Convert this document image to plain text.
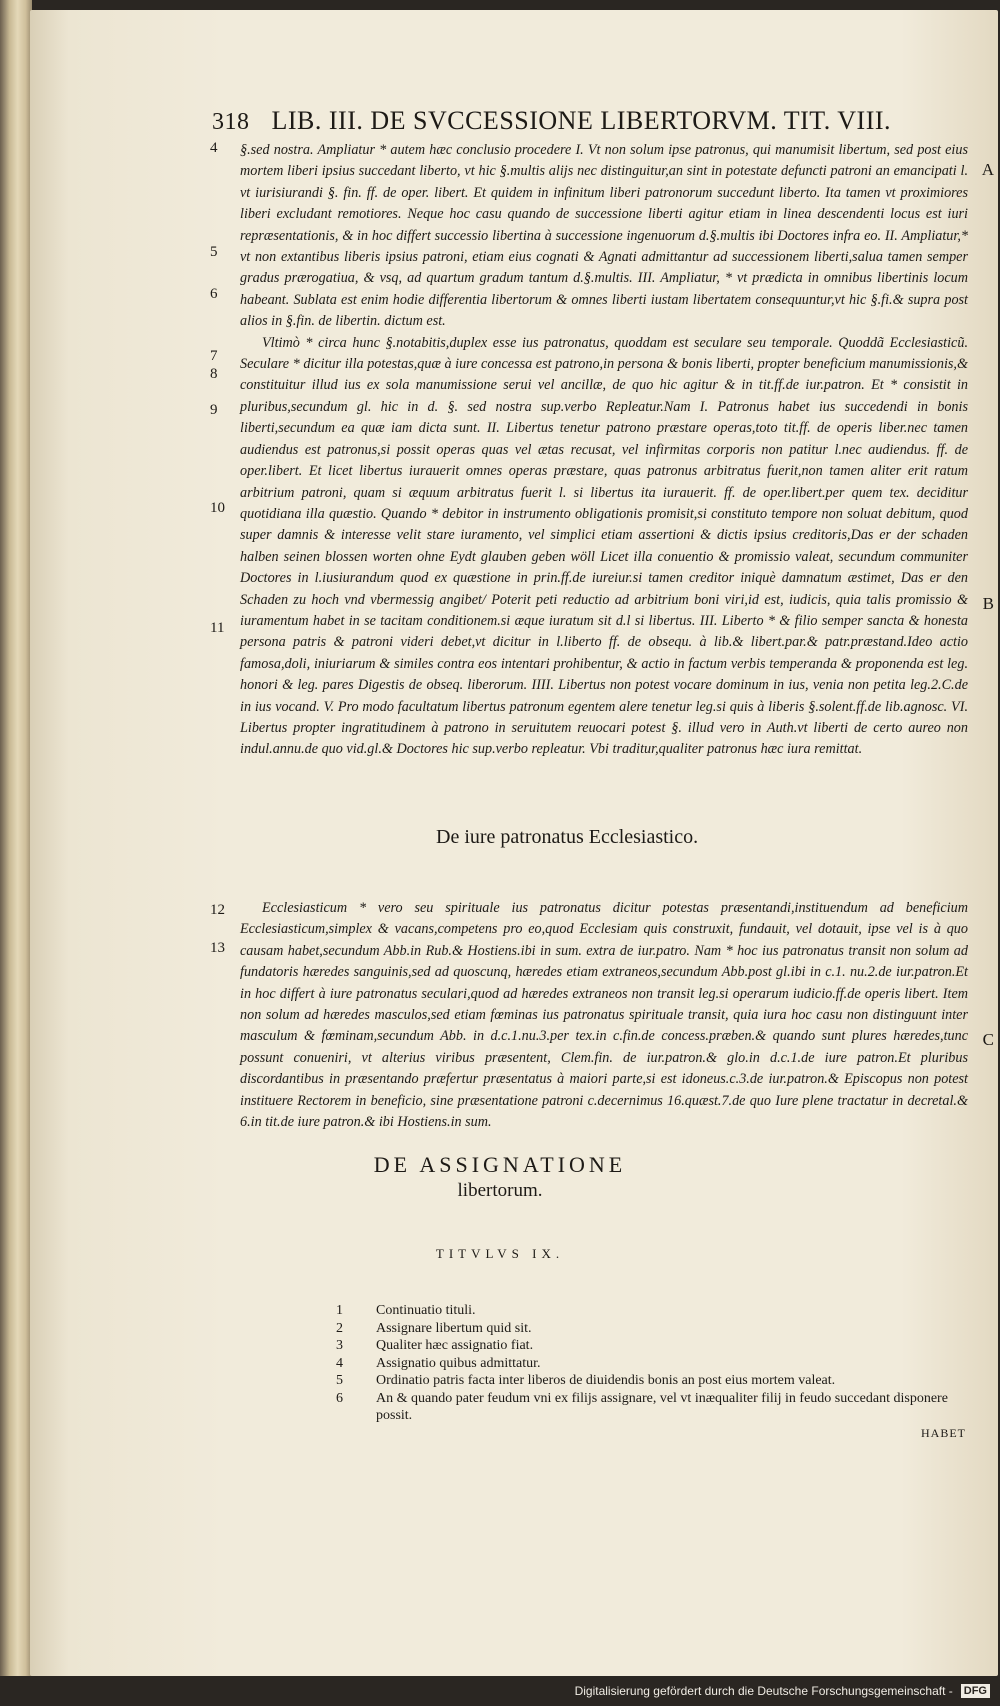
318 LIB. III. DE SVCCESSIONE LIBERTORVM. TIT. VIII.
4
5
6
7
8
9
10
11
12
13
A
B
C

§.sed nostra. Ampliatur * autem hæc conclusio procedere I. Vt non solum ipse patronus, qui manumisit libertum, sed post eius mortem liberi ipsius succedant liberto, vt hic §.multis alijs nec distinguitur,an sint in potestate defuncti patroni an emancipati l. vt iurisiurandi §. fin. ff. de oper. libert. Et quidem in infinitum liberi patronorum succedunt liberto. Ita tamen vt proximiores liberi excludant remotiores. Neque hoc casu quando de successione liberti agitur etiam in linea descendenti locus est iuri repræsentationis, & in hoc differt successio libertina à successione ingenuorum d.§.multis ibi Doctores infra eo. II. Ampliatur,* vt non extantibus liberis ipsius patroni, etiam eius cognati & Agnati admittantur ad successionem liberti,salua tamen semper gradus prærogatiua, & vsq, ad quartum gradum tantum d.§.multis. III. Ampliatur, * vt prædicta in omnibus libertinis locum habeant. Sublata est enim hodie differentia libertorum & omnes liberti iustam libertatem consequuntur,vt hic §.fi.& supra post alios in §.fin. de libertin. dictum est.

Vltimò * circa hunc §.notabitis,duplex esse ius patronatus, quoddam est seculare seu temporale. Quoddã Ecclesiasticũ. Seculare * dicitur illa potestas,quæ à iure concessa est patrono,in persona & bonis liberti, propter beneficium manumissionis,& constituitur illud ius ex sola manumissione serui vel ancillæ, de quo hic agitur & in tit.ff.de iur.patron. Et * consistit in pluribus,secundum gl. hic in d. §. sed nostra sup.verbo Repleatur.Nam I. Patronus habet ius succedendi in bonis liberti,secundum ea quæ iam dicta sunt. II. Libertus tenetur patrono præstare operas,toto tit.ff. de operis liber.nec tamen audiendus est patronus,si possit operas quas vel ætas recusat, vel infirmitas corporis non patitur l.nec audiendus. ff. de oper.libert. Et licet libertus iurauerit omnes operas præstare, quas patronus arbitratus fuerit,non tamen aliter erit ratum arbitrium patroni, quam si æquum arbitratus fuerit l. si libertus ita iurauerit. ff. de oper.libert.per quem tex. deciditur quotidiana illa quæstio. Quando * debitor in instrumento obligationis promisit,si constituto tempore non soluat debitum, quod super damnis & interesse velit stare iuramento, vel simplici etiam assertioni & dictis ipsius creditoris,Das er der schaden halben seinen blossen worten ohne Eydt glauben geben wöll Licet illa conuentio & promissio valeat, secundum communiter Doctores in l.iusiurandum quod ex quæstione in prin.ff.de iureiur.si tamen creditor iniquè damnatum æstimet, Das er den Schaden zu hoch vnd vbermessig angibet/ Poterit peti reductio ad arbitrium boni viri,id est, iudicis, quia talis promissio & iuramentum habet in se tacitam conditionem.si æque iuratum sit d.l si libertus. III. Liberto * & filio semper sancta & honesta persona patris & patroni videri debet,vt dicitur in l.liberto ff. de obsequ. à lib.& libert.par.& patr.præstand.Ideo actio famosa,doli, iniuriarum & similes contra eos intentari prohibentur, & actio in factum verbis temperanda & proponenda est leg. honori & leg. pares Digestis de obseq. liberorum. IIII. Libertus non potest vocare dominum in ius, venia non petita leg.2.C.de in ius vocand. V. Pro modo facultatum libertus patronum egentem alere tenetur leg.si quis à liberis §.solent.ff.de lib.agnosc. VI. Libertus propter ingratitudinem à patrono in seruitutem reuocari potest §. illud vero in Auth.vt liberti de certo aureo non indul.annu.de quo vid.gl.& Doctores hic sup.verbo repleatur. Vbi traditur,qualiter patronus hæc iura remittat.

De iure patronatus Ecclesiastico.

Ecclesiasticum * vero seu spirituale ius patronatus dicitur potestas præsentandi,instituendum ad beneficium Ecclesiasticum,simplex & vacans,competens pro eo,quod Ecclesiam quis construxit, fundauit, vel dotauit, ipse vel is à quo causam habet,secundum Abb.in Rub.& Hostiens.ibi in sum. extra de iur.patro. Nam * hoc ius patronatus transit non solum ad fundatoris hæredes sanguinis,sed ad quoscunq, hæredes etiam extraneos,secundum Abb.post gl.ibi in c.1. nu.2.de iur.patron.Et in hoc differt à iure patronatus seculari,quod ad hæredes extraneos non transit leg.si operarum iudicio.ff.de operis libert. Item non solum ad hæredes masculos,sed etiam fœminas ius patronatus spirituale transit, quia iura hoc casu non distinguunt inter masculum & fœminam,secundum Abb. in d.c.1.nu.3.per tex.in c.fin.de concess.præben.& quando sunt plures hæredes,tunc possunt conueniri, vt alterius viribus præsentent, Clem.fin. de iur.patron.& glo.in d.c.1.de iure patron.Et pluribus discordantibus in præsentando præfertur præsentatus à maiori parte,si est idoneus.c.3.de iur.patron.& Episcopus non potest instituere Rectorem in beneficio, sine præsentatione patroni c.decernimus 16.quæst.7.de quo Iure plene tractatur in decretal.& 6.in tit.de iure patron.& ibi Hostiens.in sum.

DE ASSIGNATIONE
libertorum.
TITVLVS IX.
1	Continuatio tituli.
2	Assignare libertum quid sit.
3	Qualiter hæc assignatio fiat.
4	Assignatio quibus admittatur.
5	Ordinatio patris facta inter liberos de diuidendis bonis an post eius mortem valeat.
6	An & quando pater feudum vni ex filijs assignare, vel vt inæqualiter filij in feudo succedant disponere possit.
HABET
Digitalisierung gefördert durch die Deutsche Forschungsgemeinschaft - DFG
